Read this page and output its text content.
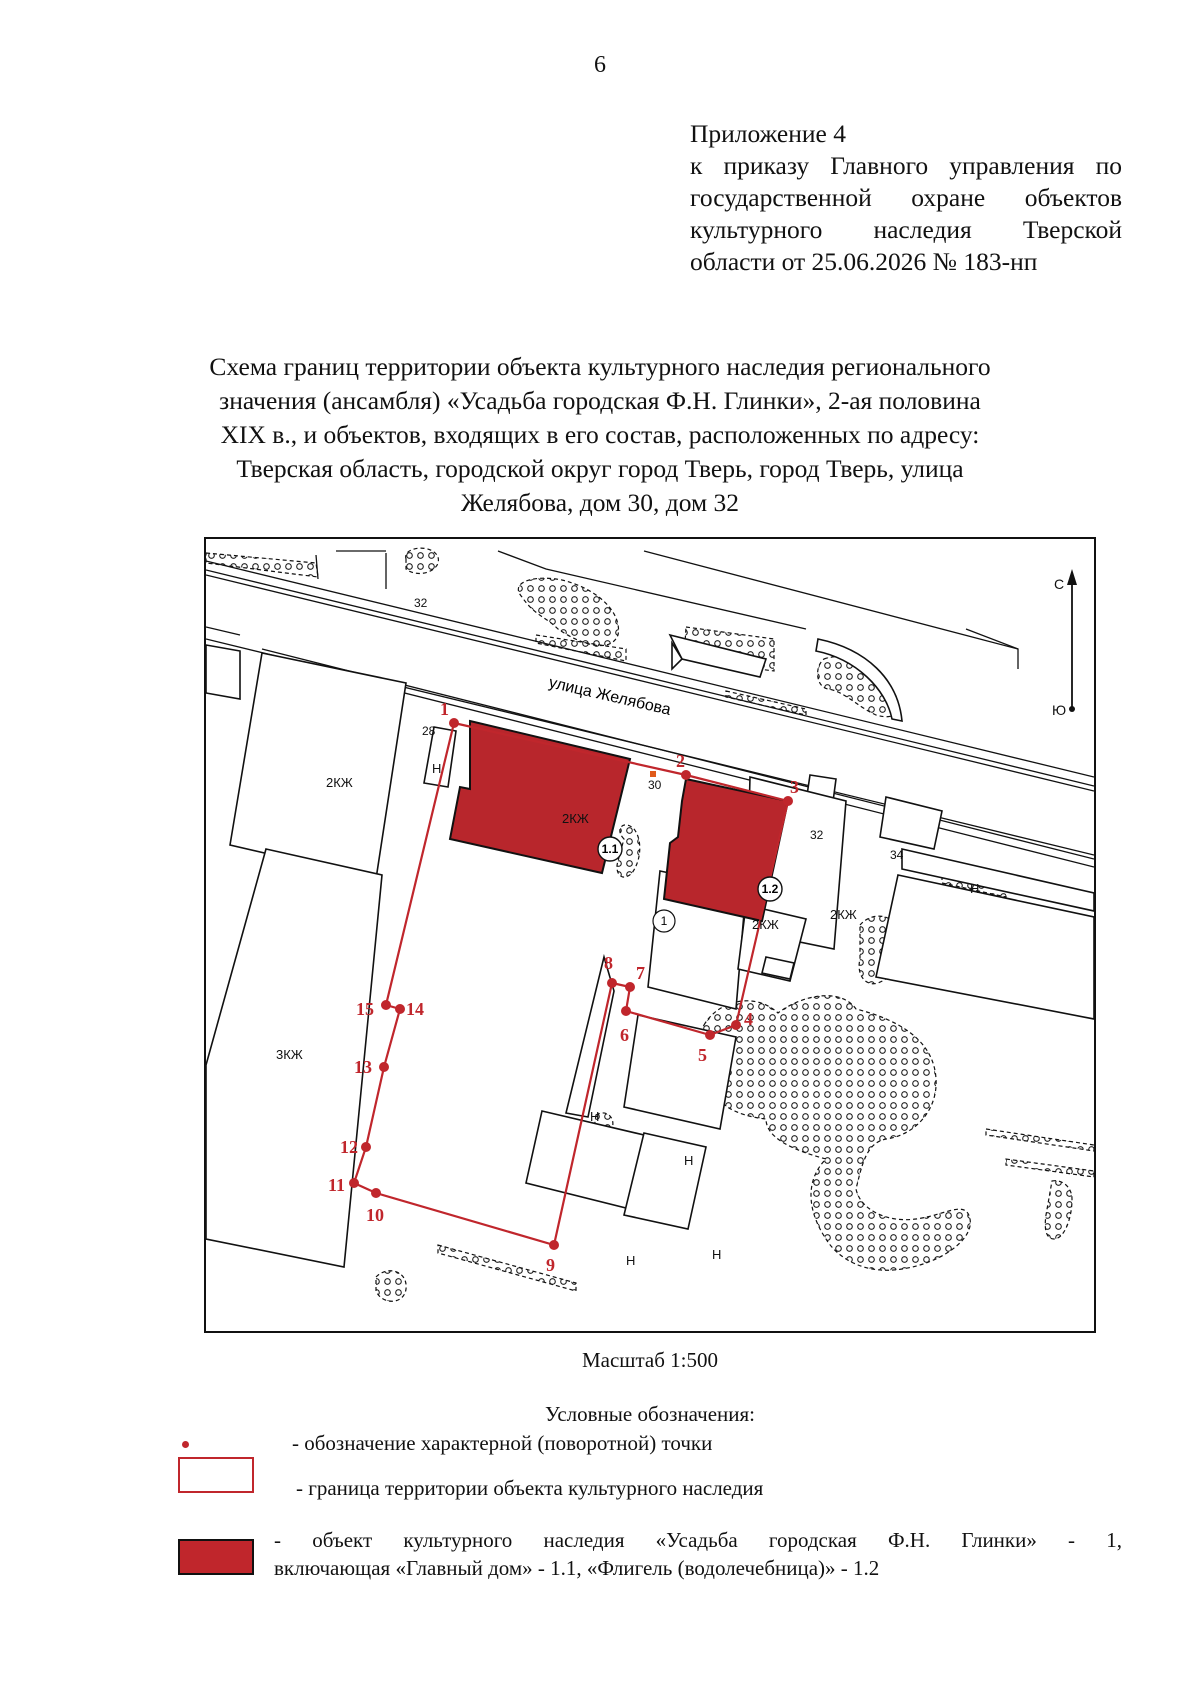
6
Приложение 4
к приказу Главного управления по
государственной охране объектов
культурного наследия Тверской
области от 25.06.2026 № 183-нп
Схема границ территории объекта культурного наследия регионального
значения (ансамбля) «Усадьба городская Ф.Н. Глинки», 2-ая половина
XIX в., и объектов, входящих в его состав, расположенных по адресу:
Тверская область, городской округ город Тверь, город Тверь, улица
Желябова, дом 30, дом 32
1
2
3
4
5
6
7
8
9
10
11
12
13
14
15
улица Желябова
28
30
32
34
32
2КЖ
2КЖ
2КЖ
2КЖ
3КЖ
Н
Н
Н
Н
Н	Н
1.1
1.2
1
С
Ю
Масштаб 1:500
Условные обозначения:
- обозначение характерной (поворотной) точки
- граница территории объекта культурного наследия
- объект культурного наследия «Усадьба городская Ф.Н. Глинки» - 1,
включающая «Главный дом» - 1.1, «Флигель (водолечебница)» - 1.2
